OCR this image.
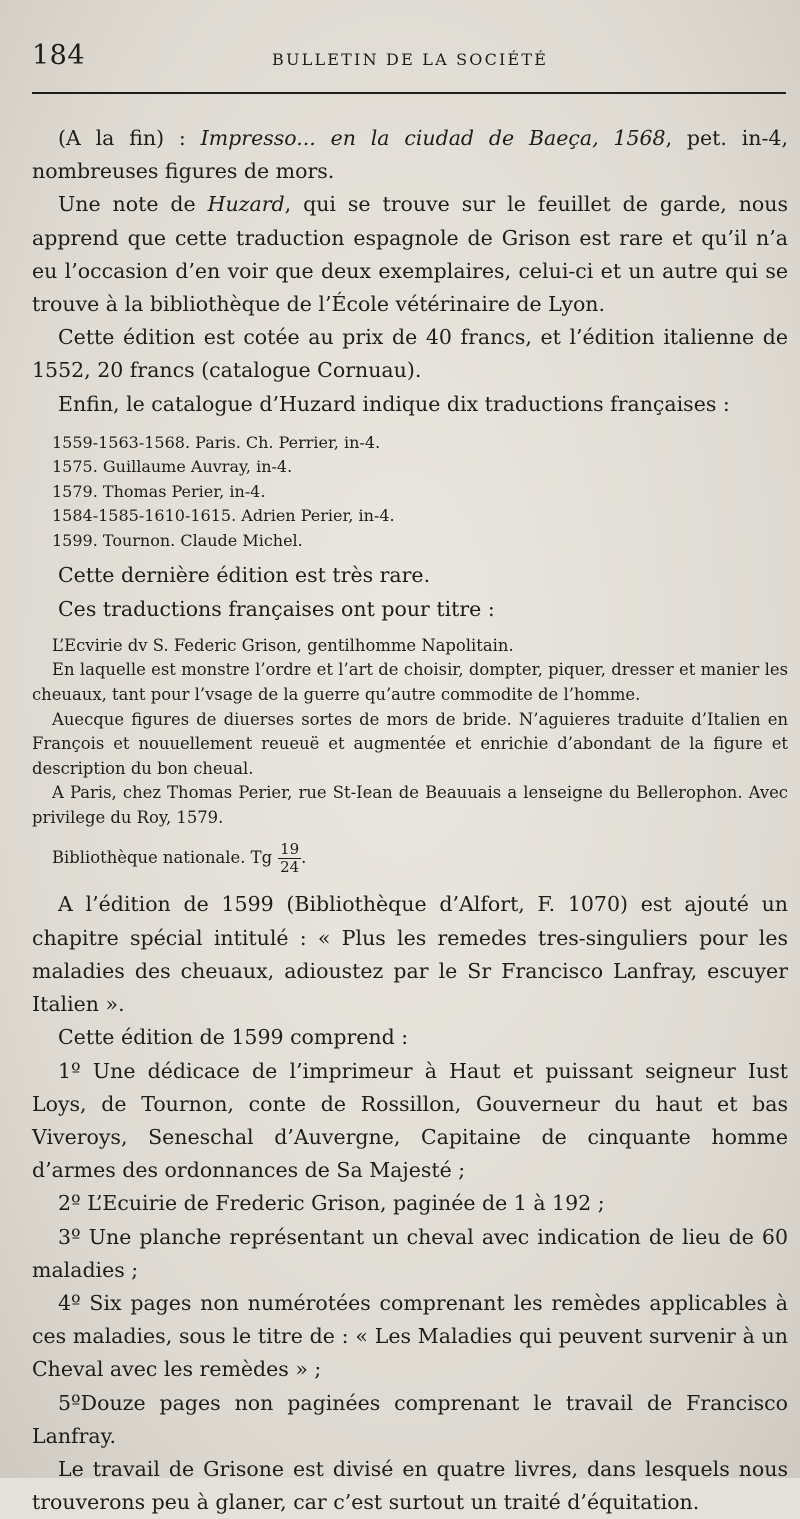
184	BULLETIN DE LA SOCIÉTÉ

(A la fin) : Impresso... en la ciudad de Baeça, 1568, pet. in-4, nombreuses figures de mors.

Une note de Huzard, qui se trouve sur le feuillet de garde, nous apprend que cette traduction espagnole de Grison est rare et qu’il n’a eu l’occasion d’en voir que deux exemplaires, celui-ci et un autre qui se trouve à la bibliothèque de l’École vétérinaire de Lyon.

Cette édition est cotée au prix de 40 francs, et l’édition italienne de 1552, 20 francs (catalogue Cornuau).

Enfin, le catalogue d’Huzard indique dix traductions françaises :

1559-1563-1568. Paris. Ch. Perrier, in-4.
1575. Guillaume Auvray, in-4.
1579. Thomas Perier, in-4.
1584-1585-1610-1615. Adrien Perier, in-4.
1599. Tournon. Claude Michel.

Cette dernière édition est très rare.

Ces traductions françaises ont pour titre :

L’Ecvirie dv S. Federic Grison, gentilhomme Napolitain.

En laquelle est monstre l’ordre et l’art de choisir, dompter, piquer, dresser et manier les cheuaux, tant pour l’vsage de la guerre qu’autre commodite de l’homme.

Auecque figures de diuerses sortes de mors de bride. N’aguieres traduite d’Italien en François et nouuellement reueuë et augmentée et enrichie d’abondant de la figure et description du bon cheual.

A Paris, chez Thomas Perier, rue St-Iean de Beauuais a lenseigne du Bellerophon. Avec privilege du Roy, 1579.

Bibliothèque nationale. Tg $\frac{19}{24}$ .

A l’édition de 1599 (Bibliothèque d’Alfort, F. 1070) est ajouté un chapitre spécial intitulé : « Plus les remedes tres-singuliers pour les maladies des cheuaux, adioustez par le Sr Francisco Lanfray, escuyer Italien ».

Cette édition de 1599 comprend :

1º Une dédicace de l’imprimeur à Haut et puissant seigneur Iust Loys, de Tournon, conte de Rossillon, Gouverneur du haut et bas Viveroys, Seneschal d’Auvergne, Capitaine de cinquante homme d’armes des ordonnances de Sa Majesté ;

2º L’Ecuirie de Frederic Grison, paginée de 1 à 192 ;

3º Une planche représentant un cheval avec indication de lieu de 60 maladies ;

4º Six pages non numérotées comprenant les remèdes applicables à ces maladies, sous le titre de : « Les Maladies qui peuvent survenir à un Cheval avec les remèdes » ;

5ºDouze pages non paginées comprenant le travail de Francisco Lanfray.

Le travail de Grisone est divisé en quatre livres, dans lesquels nous trouverons peu à glaner, car c’est surtout un traité d’équitation.
